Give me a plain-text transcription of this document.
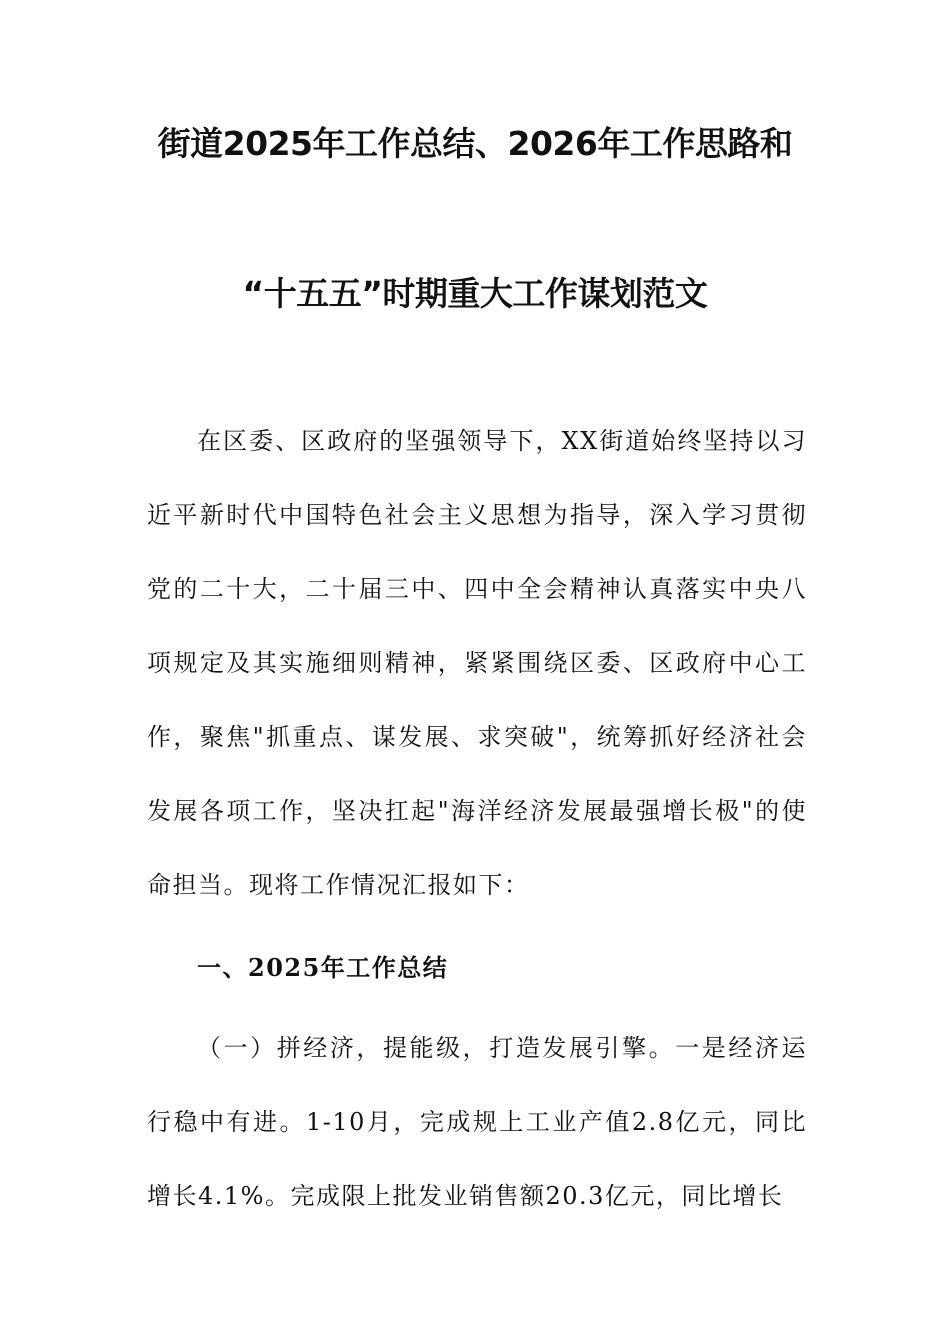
街道2025年工作总结、2026年工作思路和
“十五五”时期重大工作谋划范文
在区委、区政府的坚强领导下，XX街道始终坚持以习近平新时代中国特色社会主义思想为指导，深入学习贯彻党的二十大，二十届三中、四中全会精神认真落实中央八项规定及其实施细则精神，紧紧围绕区委、区政府中心工作，聚焦"抓重点、谋发展、求突破"，统筹抓好经济社会发展各项工作，坚决扛起"海洋经济发展最强增长极"的使命担当。现将工作情况汇报如下：
一、2025年工作总结
（一）拼经济，提能级，打造发展引擎。一是经济运行稳中有进。1-10月，完成规上工业产值2.8亿元，同比增长4.1%。完成限上批发业销售额20.3亿元，同比增长
